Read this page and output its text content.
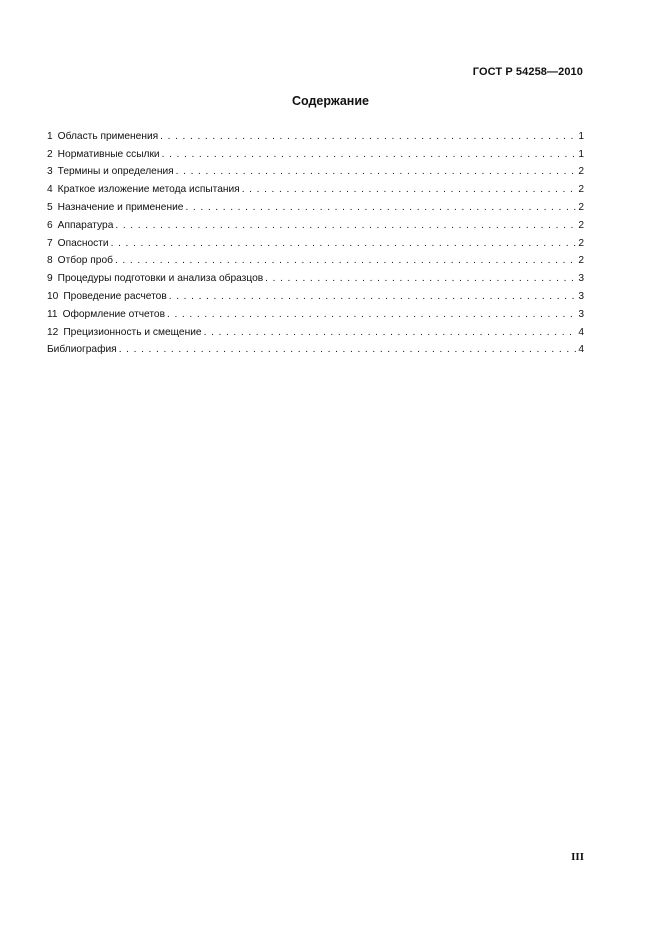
ГОСТ Р 54258—2010
Содержание
1 Область применения . . .	1
2 Нормативные ссылки . . .	1
3 Термины и определения . . .	2
4 Краткое изложение метода испытания . . .	2
5 Назначение и применение . . .	2
6 Аппаратура . . .	2
7 Опасности . . .	2
8 Отбор проб . . .	2
9 Процедуры подготовки и анализа образцов . . .	3
10 Проведение расчетов . . .	3
11 Оформление отчетов . . .	3
12 Прецизионность и смещение . . .	4
Библиография . . .	4
III
